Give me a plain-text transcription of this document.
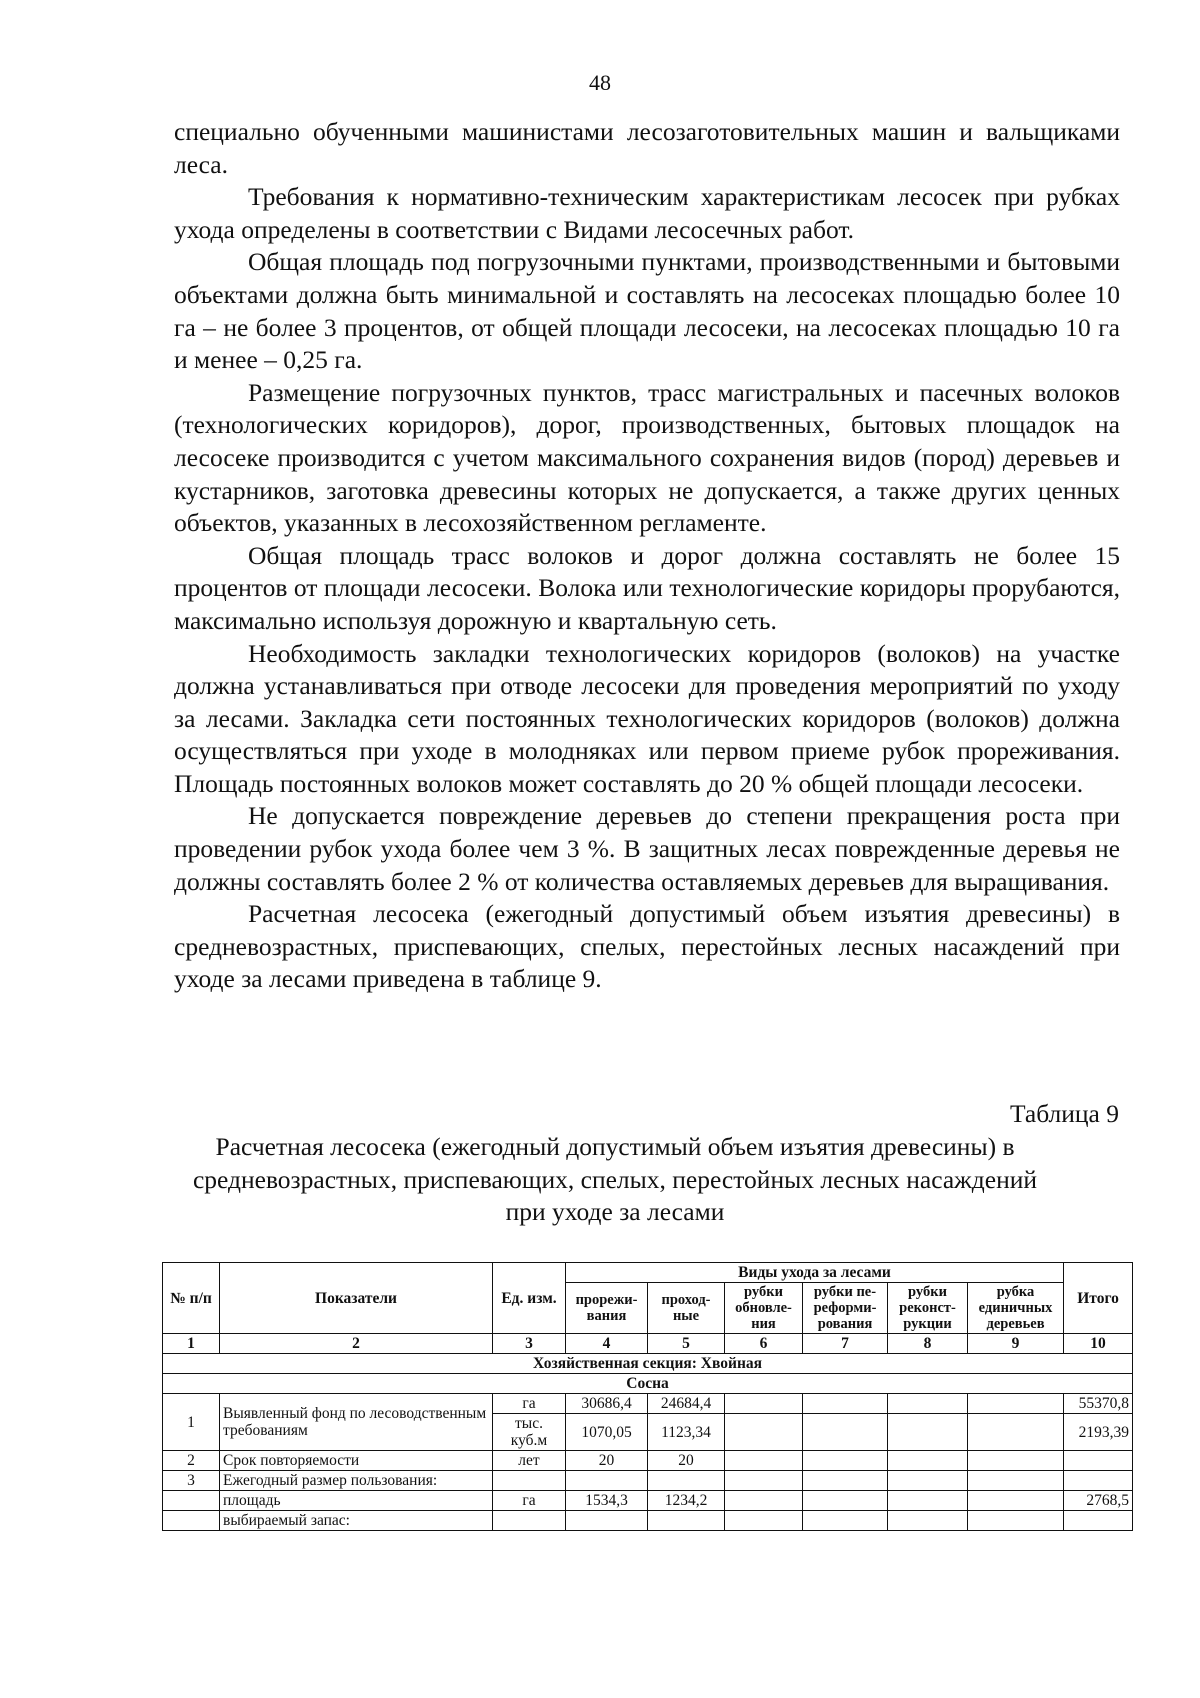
48

специально обученными машинистами лесозаготовительных машин и вальщиками леса.

Требования к нормативно-техническим характеристикам лесосек при рубках ухода определены в соответствии с Видами лесосечных работ.

Общая площадь под погрузочными пунктами, производственными и бытовыми объектами должна быть минимальной и составлять на лесосеках площадью более 10 га – не более 3 процентов, от общей площади лесосеки, на лесосеках площадью 10 га и менее – 0,25 га.

Размещение погрузочных пунктов, трасс магистральных и пасечных волоков (технологических коридоров), дорог, производственных, бытовых площадок на лесосеке производится с учетом максимального сохранения видов (пород) деревьев и кустарников, заготовка древесины которых не допускается, а также других ценных объектов, указанных в лесохозяйственном регламенте.

Общая площадь трасс волоков и дорог должна составлять не более 15 процентов от площади лесосеки. Волока или технологические коридоры прорубаются, максимально используя дорожную и квартальную сеть.

Необходимость закладки технологических коридоров (волоков) на участке должна устанавливаться при отводе лесосеки для проведения мероприятий по уходу за лесами. Закладка сети постоянных технологических коридоров (волоков) должна осуществляться при уходе в молодняках или первом приеме рубок прореживания. Площадь постоянных волоков может составлять до 20 % общей площади лесосеки.

Не допускается повреждение деревьев до степени прекращения роста при проведении рубок ухода более чем 3 %. В защитных лесах поврежденные деревья не должны составлять более 2 % от количества оставляемых деревьев для выращивания.

Расчетная лесосека (ежегодный допустимый объем изъятия древесины) в средневозрастных, приспевающих, спелых, перестойных лесных насаждений при уходе за лесами приведена в таблице 9.

Таблица 9
Расчетная лесосека (ежегодный допустимый объем изъятия древесины) в средневозрастных, приспевающих, спелых, перестойных лесных насаждений при уходе за лесами
№ п/п	Показатели	Ед. изм.	Виды ухода за лесами						Итого
			прорежи-вания	проход-ные	рубки обновле-ния	рубки пе-реформи-рования	рубки реконст-рукции	рубка единичных деревьев	
1	2	3	4	5	6	7	8	9	10
Хозяйственная секция: Хвойная									
Сосна									
1	Выявленный фонд по лесоводственным требованиям	га	30686,4	24684,4					55370,8
		тыс. куб.м	1070,05	1123,34					2193,39
2	Срок повторяемости	лет	20	20					
3	Ежегодный размер пользования:								
	площадь	га	1534,3	1234,2					2768,5
	выбираемый запас:								
